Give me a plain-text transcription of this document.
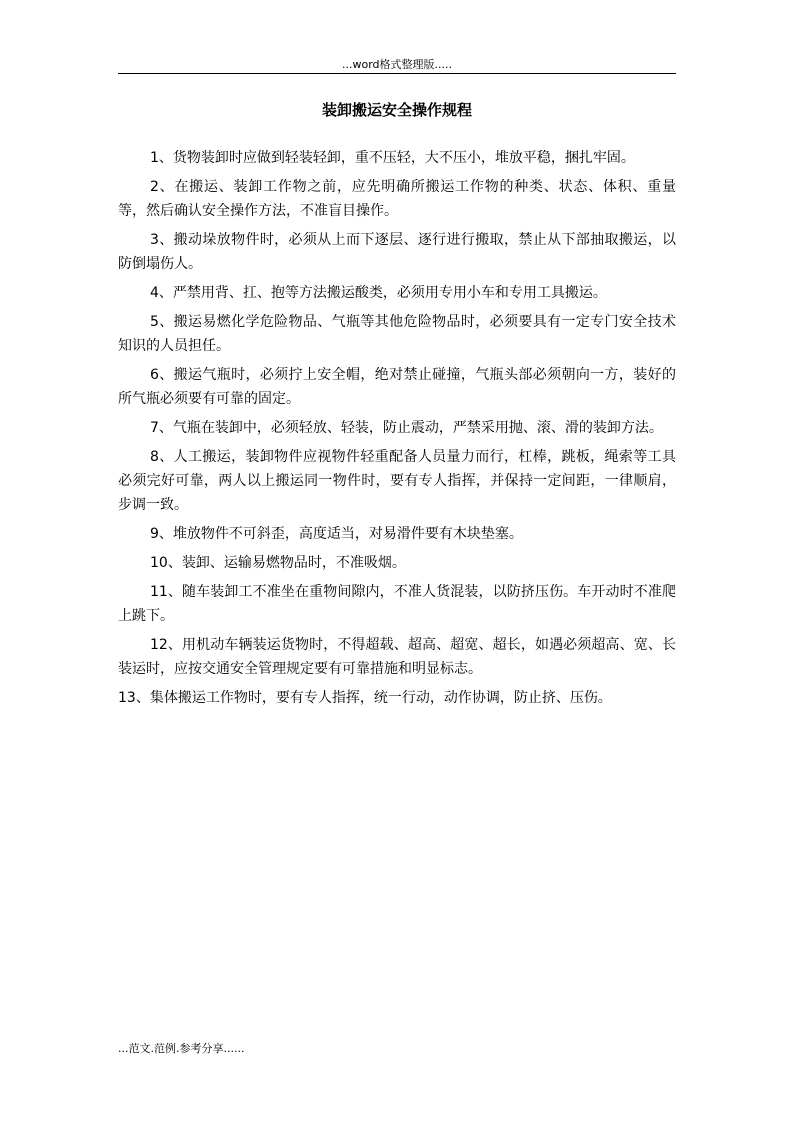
...word格式整理版.....
装卸搬运安全操作规程

1、货物装卸时应做到轻装轻卸，重不压轻，大不压小，堆放平稳，捆扎牢固。

2、在搬运、装卸工作物之前，应先明确所搬运工作物的种类、状态、体积、重量等，然后确认安全操作方法，不准盲目操作。

3、搬动垛放物件时，必须从上而下逐层、逐行进行搬取，禁止从下部抽取搬运，以防倒塌伤人。

4、严禁用背、扛、抱等方法搬运酸类，必须用专用小车和专用工具搬运。

5、搬运易燃化学危险物品、气瓶等其他危险物品时，必须要具有一定专门安全技术知识的人员担任。

6、搬运气瓶时，必须拧上安全帽，绝对禁止碰撞，气瓶头部必须朝向一方，装好的所气瓶必须要有可靠的固定。

7、气瓶在装卸中，必须轻放、轻装，防止震动，严禁采用抛、滚、滑的装卸方法。

8、人工搬运，装卸物件应视物件轻重配备人员量力而行，杠棒，跳板，绳索等工具必须完好可靠，两人以上搬运同一物件时，要有专人指挥，并保持一定间距，一律顺肩，步调一致。

9、堆放物件不可斜歪，高度适当，对易滑件要有木块垫塞。

10、装卸、运输易燃物品时，不准吸烟。

11、随车装卸工不准坐在重物间隙内，不准人货混装，以防挤压伤。车开动时不准爬上跳下。

12、用机动车辆装运货物时，不得超载、超高、超宽、超长，如遇必须超高、宽、长装运时，应按交通安全管理规定要有可靠措施和明显标志。

13、集体搬运工作物时，要有专人指挥，统一行动，动作协调，防止挤、压伤。

...范文.范例.参考分享......
